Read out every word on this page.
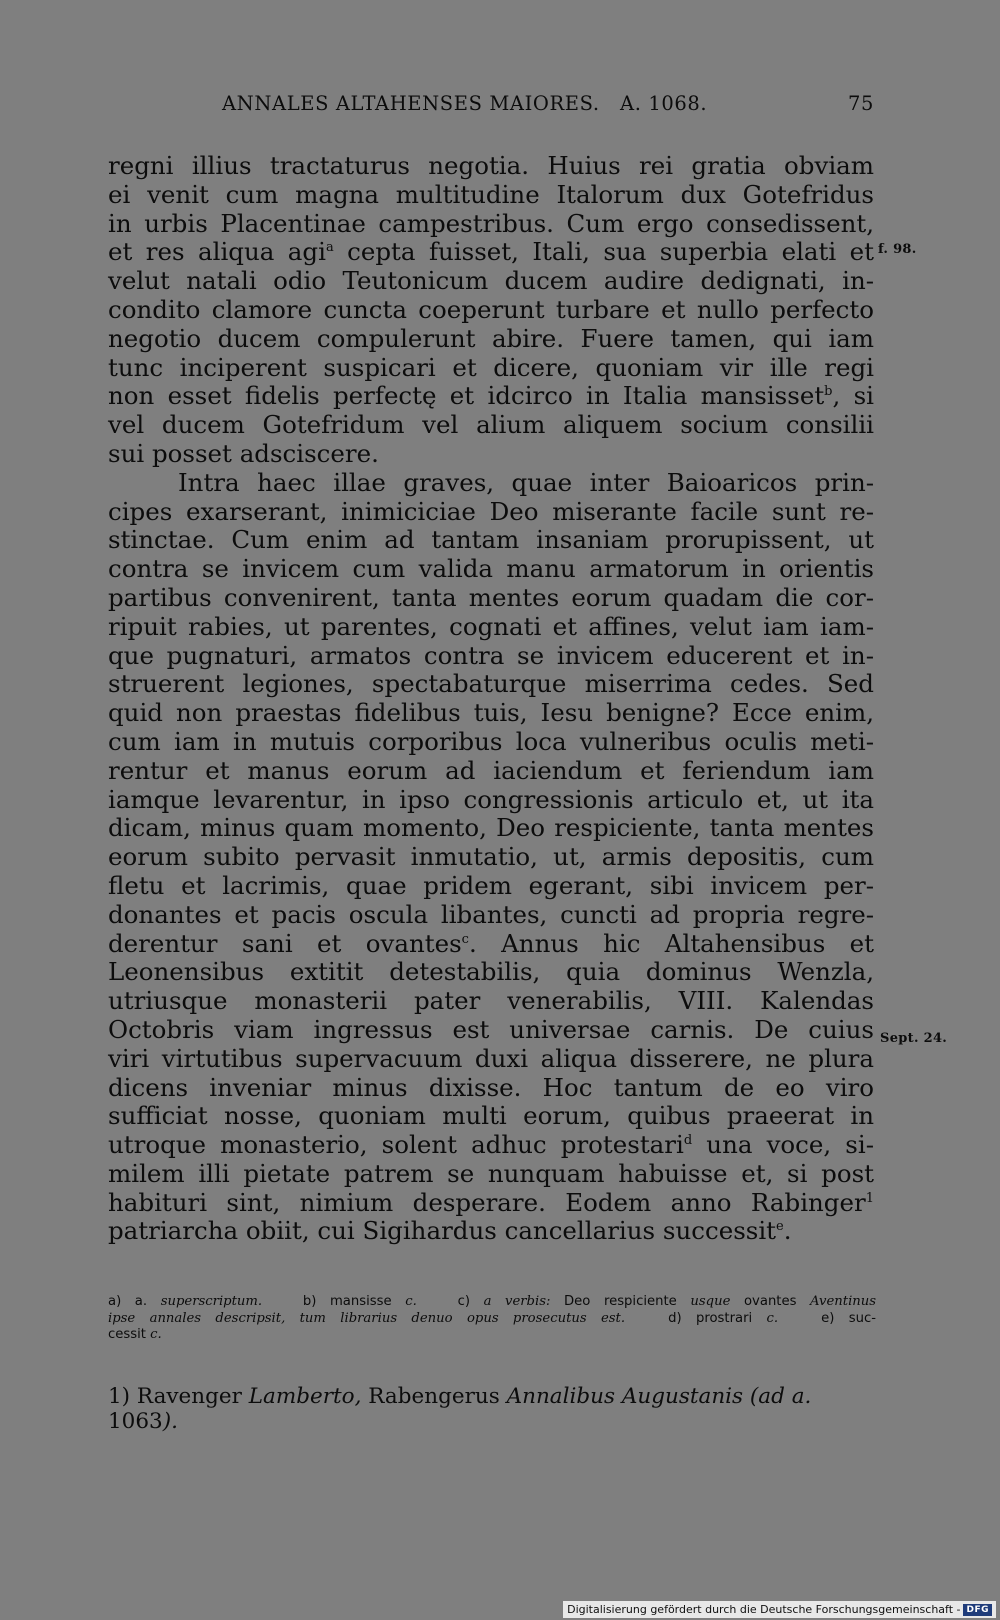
ANNALES ALTAHENSES MAIORES.   A. 1068.	75
regni illius tractaturus negotia. Huius rei gratia obviam
ei venit cum magna multitudine Italorum dux Gotefridus
in urbis Placentinae campestribus. Cum ergo consedissent,
et res aliqua agi$^a$ cepta fuisset, Itali, sua superbia elati et
velut natali odio Teutonicum ducem audire dedignati, in-
condito clamore cuncta coeperunt turbare et nullo perfecto
negotio ducem compulerunt abire. Fuere tamen, qui iam
tunc inciperent suspicari et dicere, quoniam vir ille regi
non esset fidelis perfectę et idcirco in Italia mansisset$^b$, si
vel ducem Gotefridum vel alium aliquem socium consilii
sui posset adsciscere.
Intra haec illae graves, quae inter Baioaricos prin-
cipes exarserant, inimiciciae Deo miserante facile sunt re-
stinctae. Cum enim ad tantam insaniam prorupissent, ut
contra se invicem cum valida manu armatorum in orientis
partibus convenirent, tanta mentes eorum quadam die cor-
ripuit rabies, ut parentes, cognati et affines, velut iam iam-
que pugnaturi, armatos contra se invicem educerent et in-
struerent legiones, spectabaturque miserrima cedes. Sed
quid non praestas fidelibus tuis, Iesu benigne? Ecce enim,
cum iam in mutuis corporibus loca vulneribus oculis meti-
rentur et manus eorum ad iaciendum et feriendum iam
iamque levarentur, in ipso congressionis articulo et, ut ita
dicam, minus quam momento, Deo respiciente, tanta mentes
eorum subito pervasit inmutatio, ut, armis depositis, cum
fletu et lacrimis, quae pridem egerant, sibi invicem per-
donantes et pacis oscula libantes, cuncti ad propria regre-
derentur sani et ovantes$^c$. Annus hic Altahensibus et
Leonensibus extitit detestabilis, quia dominus Wenzla,
utriusque monasterii pater venerabilis, VIII. Kalendas
Octobris viam ingressus est universae carnis. De cuius
viri virtutibus supervacuum duxi aliqua disserere, ne plura
dicens inveniar minus dixisse. Hoc tantum de eo viro
sufficiat nosse, quoniam multi eorum, quibus praeerat in
utroque monasterio, solent adhuc protestari$^d$ una voce, si-
milem illi pietate patrem se nunquam habuisse et, si post
habituri sint, nimium desperare. Eodem anno Rabinger$^1$
patriarcha obiit, cui Sigihardus cancellarius successit$^e$.
f. 98.
Sept. 24.
a) a. superscriptum.	b) mansisse c.	c) a verbis: Deo respiciente usque ovantes Aventinus
ipse annales descripsit, tum librarius denuo opus prosecutus est.	d) prostrari c.	e) suc-
cessit c.
1) Ravenger Lamberto, Rabengerus Annalibus Augustanis (ad a. 1063).
Digitalisierung gefördert durch die Deutsche Forschungsgemeinschaft - DFG
